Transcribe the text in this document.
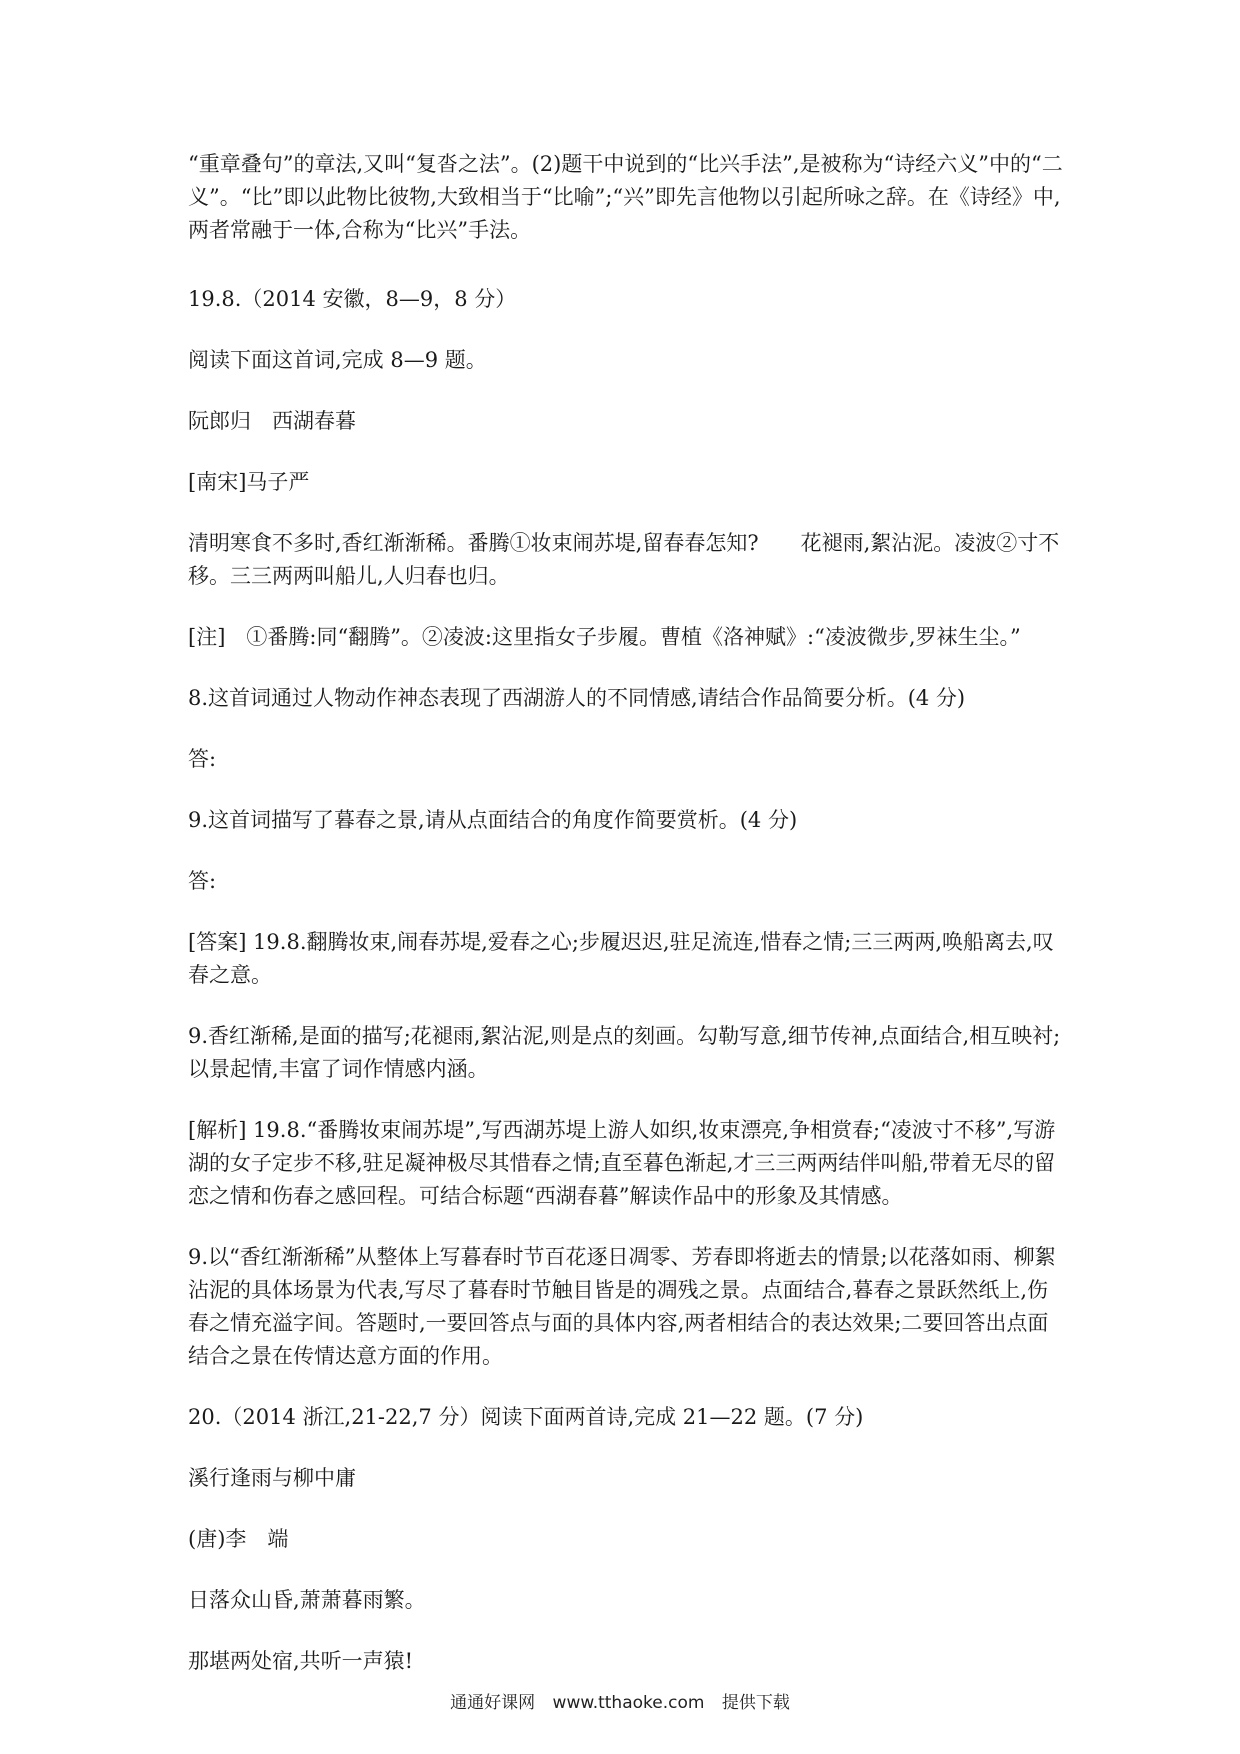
“重章叠句”的章法,又叫“复沓之法”。(2)题干中说到的“比兴手法”,是被称为“诗经六义”中的“二义”。“比”即以此物比彼物,大致相当于“比喻”;“兴”即先言他物以引起所咏之辞。在《诗经》中,两者常融于一体,合称为“比兴”手法。

19.8.（2014 安徽，8—9，8 分）

阅读下面这首词,完成 8—9 题。

阮郎归　西湖春暮

[南宋]马子严

清明寒食不多时,香红渐渐稀。番腾①妆束闹苏堤,留春春怎知?　　花褪雨,絮沾泥。凌波②寸不移。三三两两叫船儿,人归春也归。

[注]　①番腾:同“翻腾”。②凌波:这里指女子步履。曹植《洛神赋》:“凌波微步,罗袜生尘。”

8.这首词通过人物动作神态表现了西湖游人的不同情感,请结合作品简要分析。(4 分)

答:

9.这首词描写了暮春之景,请从点面结合的角度作简要赏析。(4 分)

答:

[答案] 19.8.翻腾妆束,闹春苏堤,爱春之心;步履迟迟,驻足流连,惜春之情;三三两两,唤船离去,叹春之意。

9.香红渐稀,是面的描写;花褪雨,絮沾泥,则是点的刻画。勾勒写意,细节传神,点面结合,相互映衬;以景起情,丰富了词作情感内涵。

[解析] 19.8.“番腾妆束闹苏堤”,写西湖苏堤上游人如织,妆束漂亮,争相赏春;“凌波寸不移”,写游湖的女子定步不移,驻足凝神极尽其惜春之情;直至暮色渐起,才三三两两结伴叫船,带着无尽的留恋之情和伤春之感回程。可结合标题“西湖春暮”解读作品中的形象及其情感。

9.以“香红渐渐稀”从整体上写暮春时节百花逐日凋零、芳春即将逝去的情景;以花落如雨、柳絮沾泥的具体场景为代表,写尽了暮春时节触目皆是的凋残之景。点面结合,暮春之景跃然纸上,伤春之情充溢字间。答题时,一要回答点与面的具体内容,两者相结合的表达效果;二要回答出点面结合之景在传情达意方面的作用。

20.（2014 浙江,21-22,7 分）阅读下面两首诗,完成 21—22 题。(7 分)

溪行逢雨与柳中庸

(唐)李　端

日落众山昏,萧萧暮雨繁。

那堪两处宿,共听一声猿!

通通好课网 www.tthaoke.com 提供下载
